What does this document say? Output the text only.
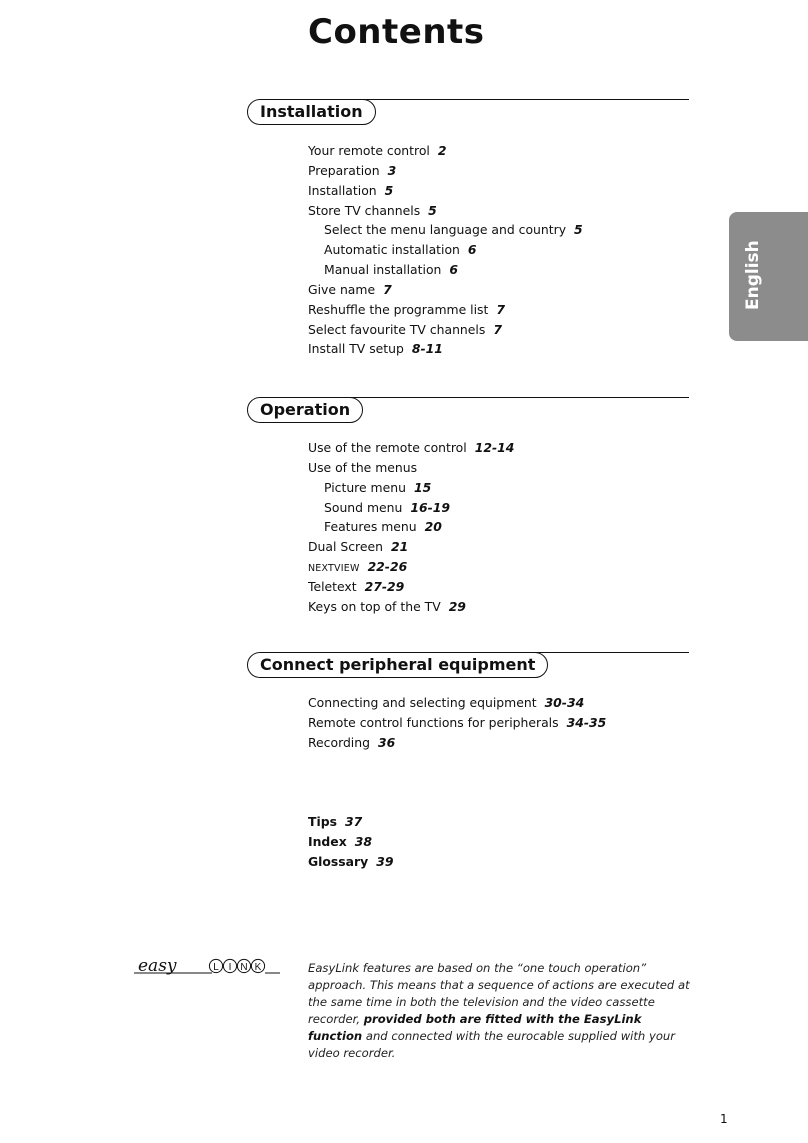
Contents
English
Installation
Your remote control 2
Preparation 3
Installation 5
Store TV channels 5
Select the menu language and country 5
Automatic installation 6
Manual installation 6
Give name 7
Reshuffle the programme list 7
Select favourite TV channels 7
Install TV setup 8-11
Operation
Use of the remote control 12-14
Use of the menus
Picture menu 15
Sound menu 16-19
Features menu 20
Dual Screen 21
NEXTVIEW 22-26
Teletext 27-29
Keys on top of the TV 29
Connect peripheral equipment
Connecting and selecting equipment 30-34
Remote control functions for peripherals 34-35
Recording 36
Tips 37
Index 38
Glossary 39
easy	L I N K	EasyLink features are based on the “one touch operation” approach. This means that a sequence of actions are executed at the same time in both the television and the video cassette recorder, provided both are fitted with the EasyLink function and connected with the eurocable supplied with your video recorder.

1
